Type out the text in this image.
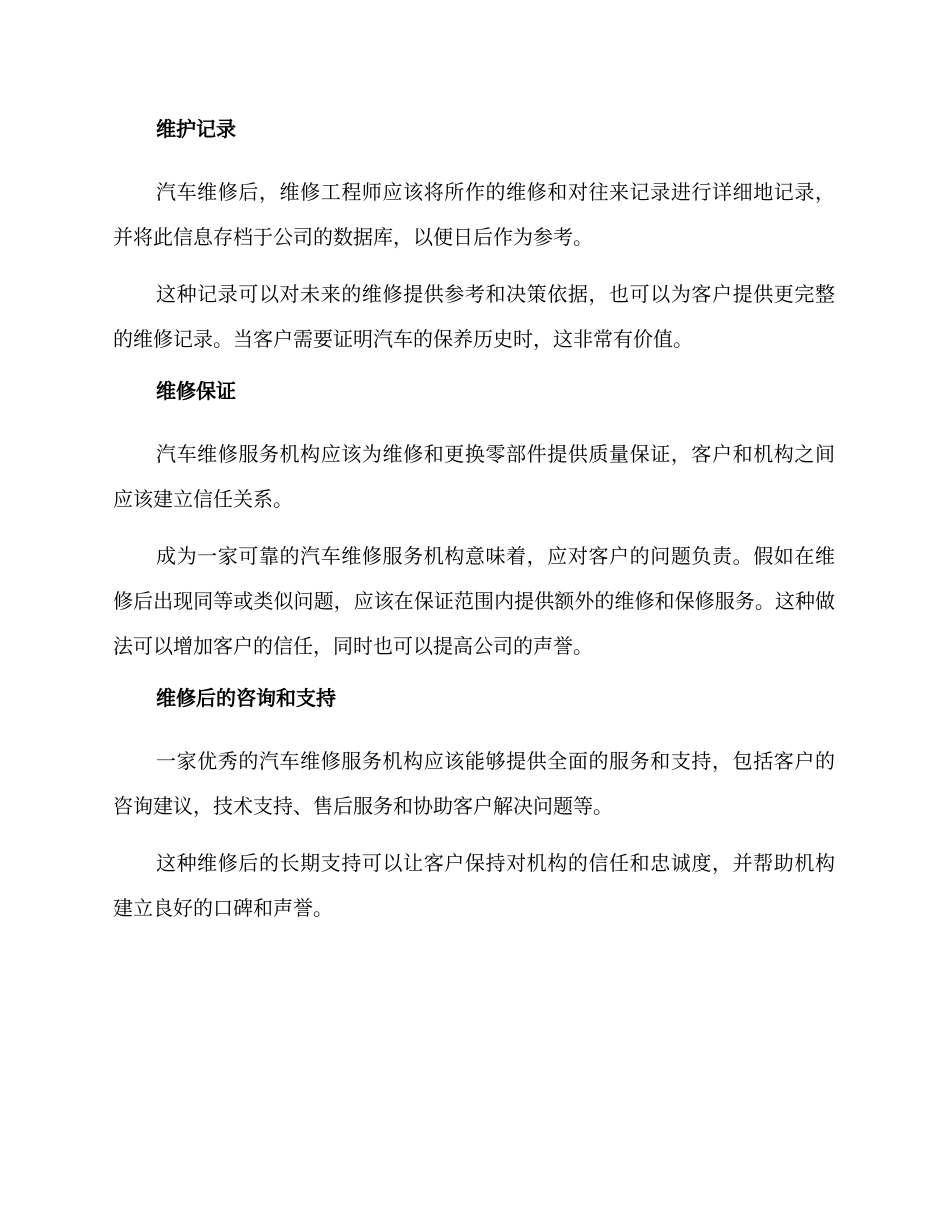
维护记录

汽车维修后，维修工程师应该将所作的维修和对往来记录进行详细地记录，并将此信息存档于公司的数据库，以便日后作为参考。

这种记录可以对未来的维修提供参考和决策依据，也可以为客户提供更完整的维修记录。当客户需要证明汽车的保养历史时，这非常有价值。

维修保证

汽车维修服务机构应该为维修和更换零部件提供质量保证，客户和机构之间应该建立信任关系。

成为一家可靠的汽车维修服务机构意味着，应对客户的问题负责。假如在维修后出现同等或类似问题，应该在保证范围内提供额外的维修和保修服务。这种做法可以增加客户的信任，同时也可以提高公司的声誉。

维修后的咨询和支持

一家优秀的汽车维修服务机构应该能够提供全面的服务和支持，包括客户的咨询建议，技术支持、售后服务和协助客户解决问题等。

这种维修后的长期支持可以让客户保持对机构的信任和忠诚度，并帮助机构建立良好的口碑和声誉。
